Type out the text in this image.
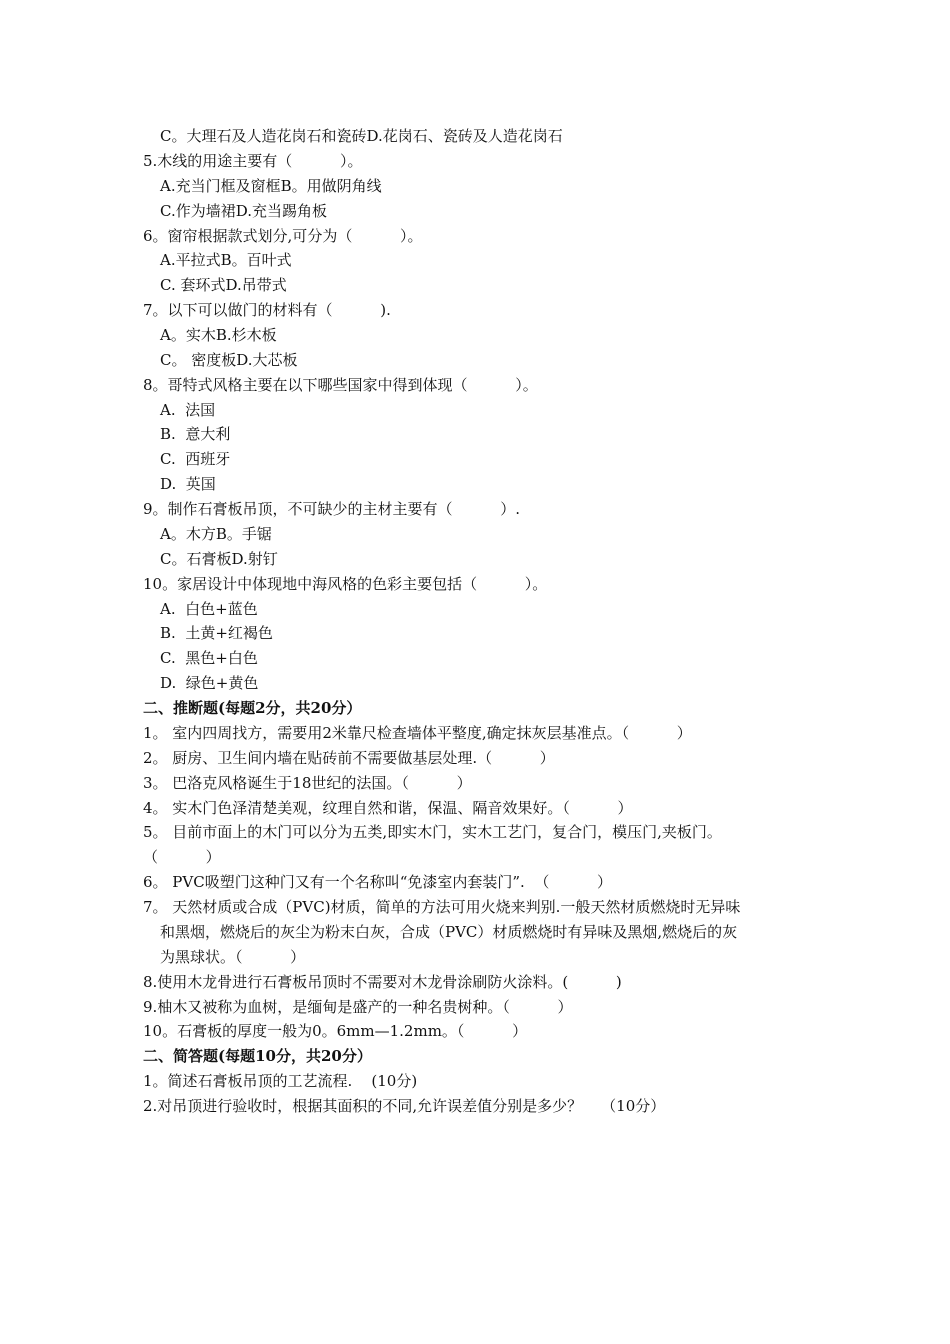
C。大理石及人造花岗石和瓷砖D.花岗石、瓷砖及人造花岗石
5.木线的用途主要有（          ）。
A.充当门框及窗框B。用做阴角线
C.作为墙裙D.充当踢角板
6。窗帘根据款式划分,可分为（          ）。
A.平拉式B。百叶式
C. 套环式D.吊带式
7。以下可以做门的材料有（          ).
A。实木B.杉木板
C。 密度板D.大芯板
8。哥特式风格主要在以下哪些国家中得到体现（          ）。
A.  法国
B.  意大利
C.  西班牙
D.  英国
9。制作石膏板吊顶，不可缺少的主材主要有（          ）.
A。木方B。手锯
C。石膏板D.射钉
10。家居设计中体现地中海风格的色彩主要包括（          ）。
A.  白色+蓝色
B.  土黄+红褐色
C.  黑色+白色
D.  绿色+黄色
二、推断题(每题2分，共20分）
1。 室内四周找方，需要用2米靠尺检查墙体平整度,确定抹灰层基准点。（          ）
2。 厨房、卫生间内墙在贴砖前不需要做基层处理.（          ）
3。 巴洛克风格诞生于18世纪的法国。（          ）
4。 实木门色泽清楚美观，纹理自然和谐，保温、隔音效果好。（          ）
5。 目前市面上的木门可以分为五类,即实木门，实木工艺门，复合门，模压门,夹板门。
（          ）
6。 PVC吸塑门这种门又有一个名称叫“免漆室内套装门”.  （          ）
7。 天然材质或合成（PVC)材质，简单的方法可用火烧来判别.一般天然材质燃烧时无异味
和黑烟，燃烧后的灰尘为粉末白灰，合成（PVC）材质燃烧时有异味及黑烟,燃烧后的灰
为黑球状。（          ）
8.使用木龙骨进行石膏板吊顶时不需要对木龙骨涂刷防火涂料。(          )
9.柚木又被称为血树，是缅甸是盛产的一种名贵树种。（          ）
10。石膏板的厚度一般为0。6mm—1.2mm。（          ）
二、简答题(每题10分，共20分）
1。简述石膏板吊顶的工艺流程.    (10分)
2.对吊顶进行验收时，根据其面积的不同,允许误差值分别是多少？    （10分）
